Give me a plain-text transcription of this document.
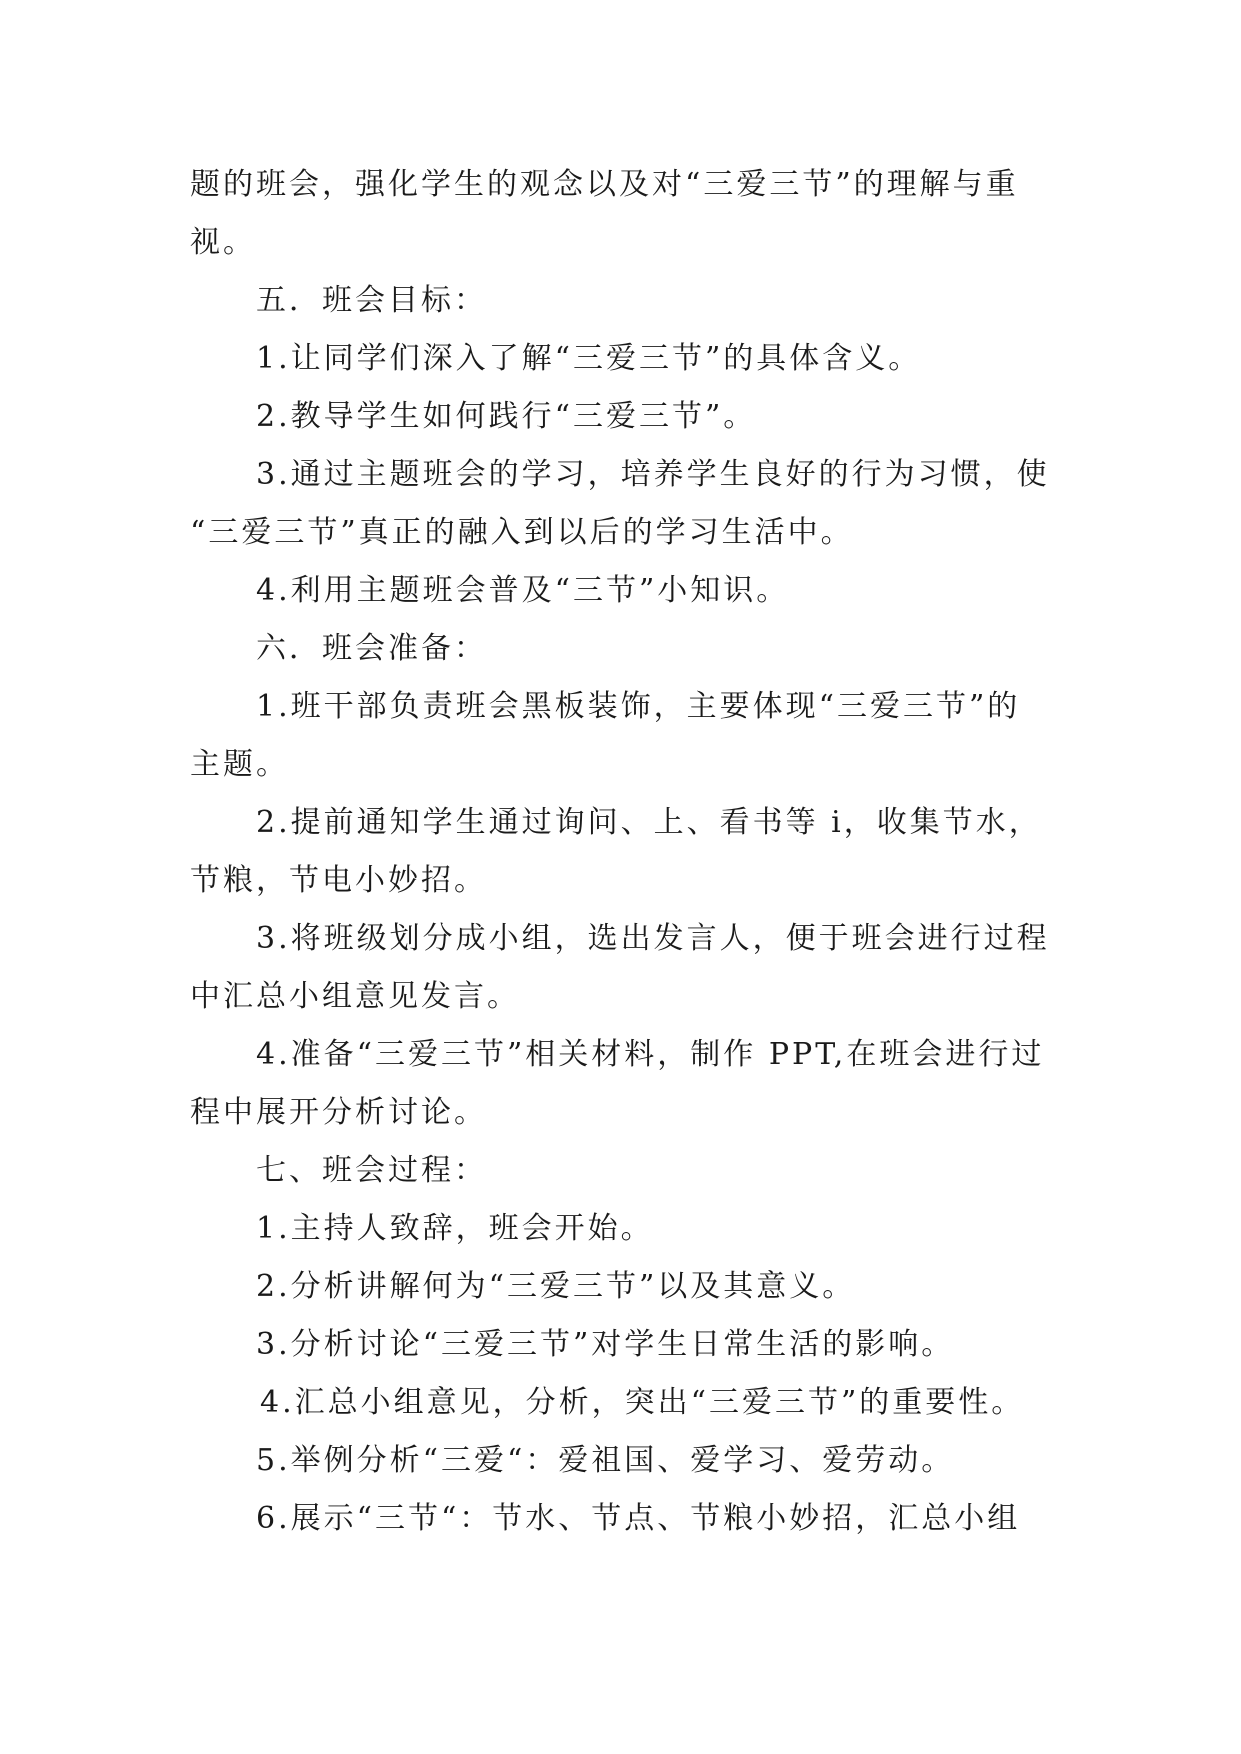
题的班会，强化学生的观念以及对“三爱三节”的理解与重
视。
五．班会目标：
1.让同学们深入了解“三爱三节”的具体含义。
2.教导学生如何践行“三爱三节”。
3.通过主题班会的学习，培养学生良好的行为习惯，使
“三爱三节”真正的融入到以后的学习生活中。
4.利用主题班会普及“三节”小知识。
六．班会准备：
1.班干部负责班会黑板装饰，主要体现“三爱三节”的
主题。
2.提前通知学生通过询问、上、看书等 i，收集节水，
节粮，节电小妙招。
3.将班级划分成小组，选出发言人，便于班会进行过程
中汇总小组意见发言。
4.准备“三爱三节”相关材料，制作 PPT,在班会进行过
程中展开分析讨论。
七、班会过程：
1.主持人致辞，班会开始。
2.分析讲解何为“三爱三节”以及其意义。
3.分析讨论“三爱三节”对学生日常生活的影响。
4.汇总小组意见，分析，突出“三爱三节”的重要性。
5.举例分析“三爱“：爱祖国、爱学习、爱劳动。
6.展示“三节“：节水、节点、节粮小妙招，汇总小组
